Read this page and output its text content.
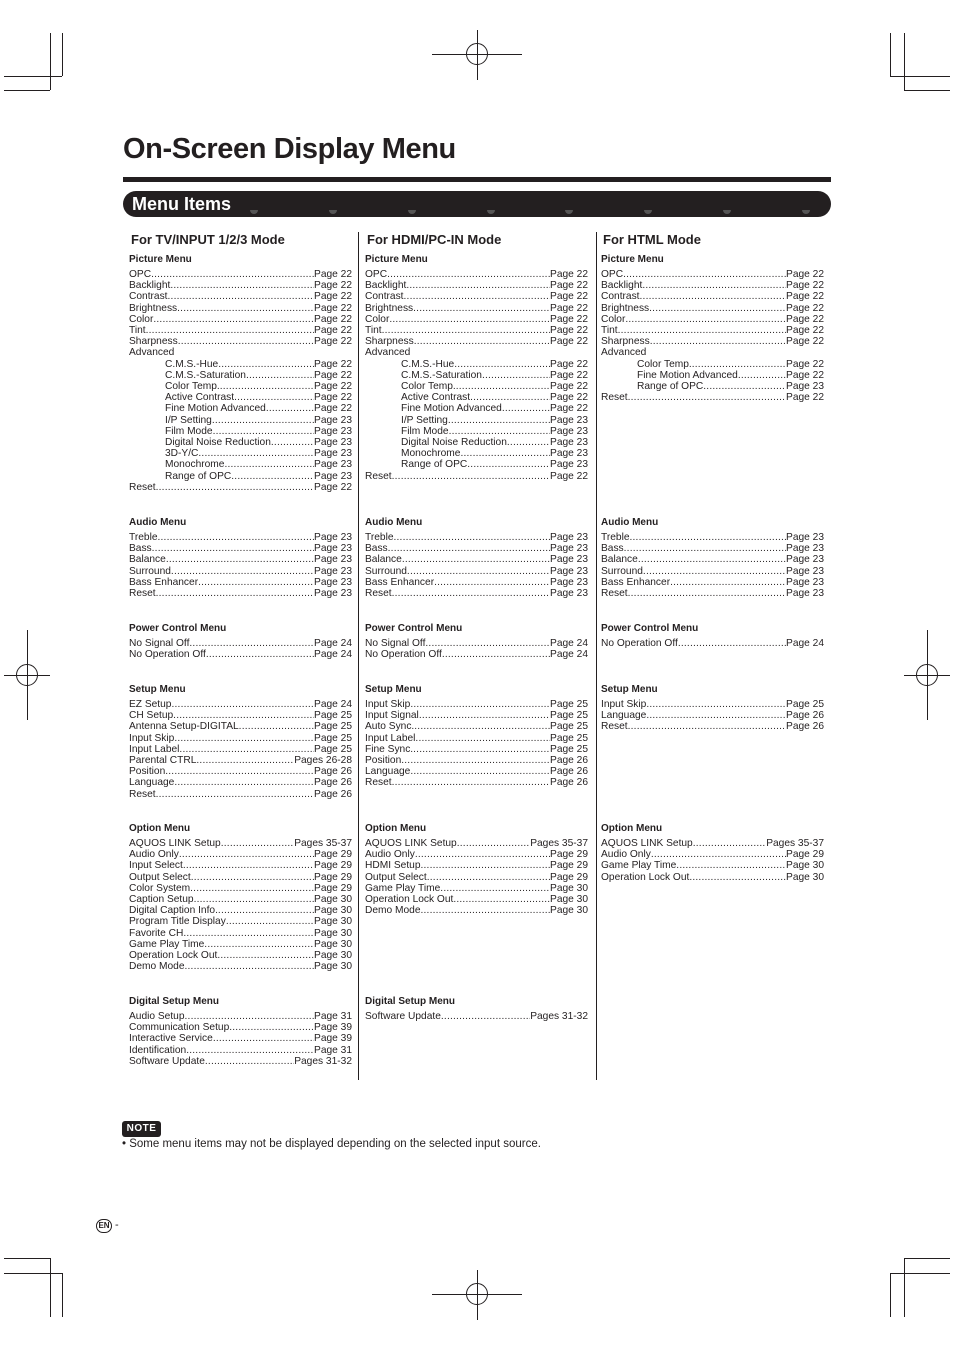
On-Screen Display Menu
Menu Items
For TV/INPUT 1/2/3 Mode
Picture Menu
OPC .....	Page 22
Backlight .....	Page 22
Contrast .....	Page 22
Brightness .....	Page 22
Color .....	Page 22
Tint .....	Page 22
Sharpness .....	Page 22
Advanced
C.M.S.-Hue .....	Page 22
C.M.S.-Saturation .....	Page 22
Color Temp. .....	Page 22
Active Contrast .....	Page 22
Fine Motion Advanced .....	Page 22
I/P Setting .....	Page 23
Film Mode .....	Page 23
Digital Noise Reduction .....	Page 23
3D-Y/C .....	Page 23
Monochrome .....	Page 23
Range of OPC .....	Page 23
Reset .....	Page 22
Audio Menu
Treble .....	Page 23
Bass .....	Page 23
Balance .....	Page 23
Surround .....	Page 23
Bass Enhancer .....	Page 23
Reset .....	Page 23
Power Control Menu
No Signal Off .....	Page 24
No Operation Off .....	Page 24
Setup Menu
EZ Setup .....	Page 24
CH Setup .....	Page 25
Antenna Setup-DIGITAL .....	Page 25
Input Skip .....	Page 25
Input Label .....	Page 25
Parental CTRL .....	Pages 26-28
Position .....	Page 26
Language .....	Page 26
Reset .....	Page 26
Option Menu
AQUOS LINK Setup .....	Pages 35-37
Audio Only .....	Page 29
Input Select .....	Page 29
Output Select .....	Page 29
Color System .....	Page 29
Caption Setup .....	Page 30
Digital Caption Info. .....	Page 30
Program Title Display .....	Page 30
Favorite CH .....	Page 30
Game Play Time .....	Page 30
Operation Lock Out .....	Page 30
Demo Mode .....	Page 30
Digital Setup Menu
Audio Setup .....	Page 31
Communication Setup .....	Page 39
Interactive Service .....	Page 39
Identification .....	Page 31
Software Update .....	Pages 31-32
For HDMI/PC-IN Mode
Picture Menu
OPC .....	Page 22
Backlight .....	Page 22
Contrast .....	Page 22
Brightness .....	Page 22
Color .....	Page 22
Tint .....	Page 22
Sharpness .....	Page 22
Advanced
C.M.S.-Hue .....	Page 22
C.M.S.-Saturation .....	Page 22
Color Temp. .....	Page 22
Active Contrast .....	Page 22
Fine Motion Advanced .....	Page 22
I/P Setting .....	Page 23
Film Mode .....	Page 23
Digital Noise Reduction .....	Page 23
Monochrome .....	Page 23
Range of OPC .....	Page 23
Reset .....	Page 22
Audio Menu
Treble .....	Page 23
Bass .....	Page 23
Balance .....	Page 23
Surround .....	Page 23
Bass Enhancer .....	Page 23
Reset .....	Page 23
Power Control Menu
No Signal Off .....	Page 24
No Operation Off .....	Page 24
Setup Menu
Input Skip .....	Page 25
Input Signal .....	Page 25
Auto Sync. .....	Page 25
Input Label .....	Page 25
Fine Sync. .....	Page 25
Position .....	Page 26
Language .....	Page 26
Reset .....	Page 26
Option Menu
AQUOS LINK Setup .....	Pages 35-37
Audio Only .....	Page 29
HDMI Setup .....	Page 29
Output Select .....	Page 29
Game Play Time .....	Page 30
Operation Lock Out .....	Page 30
Demo Mode .....	Page 30
Digital Setup Menu
Software Update .....	Pages 31-32
For HTML Mode
Picture Menu
OPC .....	Page 22
Backlight .....	Page 22
Contrast .....	Page 22
Brightness .....	Page 22
Color .....	Page 22
Tint .....	Page 22
Sharpness .....	Page 22
Advanced
Color Temp. .....	Page 22
Fine Motion Advanced .....	Page 22
Range of OPC .....	Page 23
Reset .....	Page 22
Audio Menu
Treble .....	Page 23
Bass .....	Page 23
Balance .....	Page 23
Surround .....	Page 23
Bass Enhancer .....	Page 23
Reset .....	Page 23
Power Control Menu
No Operation Off .....	Page 24
Setup Menu
Input Skip .....	Page 25
Language .....	Page 26
Reset .....	Page 26
Option Menu
AQUOS LINK Setup .....	Pages 35-37
Audio Only .....	Page 29
Game Play Time .....	Page 30
Operation Lock Out .....	Page 30
NOTE
• Some menu items may not be displayed depending on the selected input source.
EN -
